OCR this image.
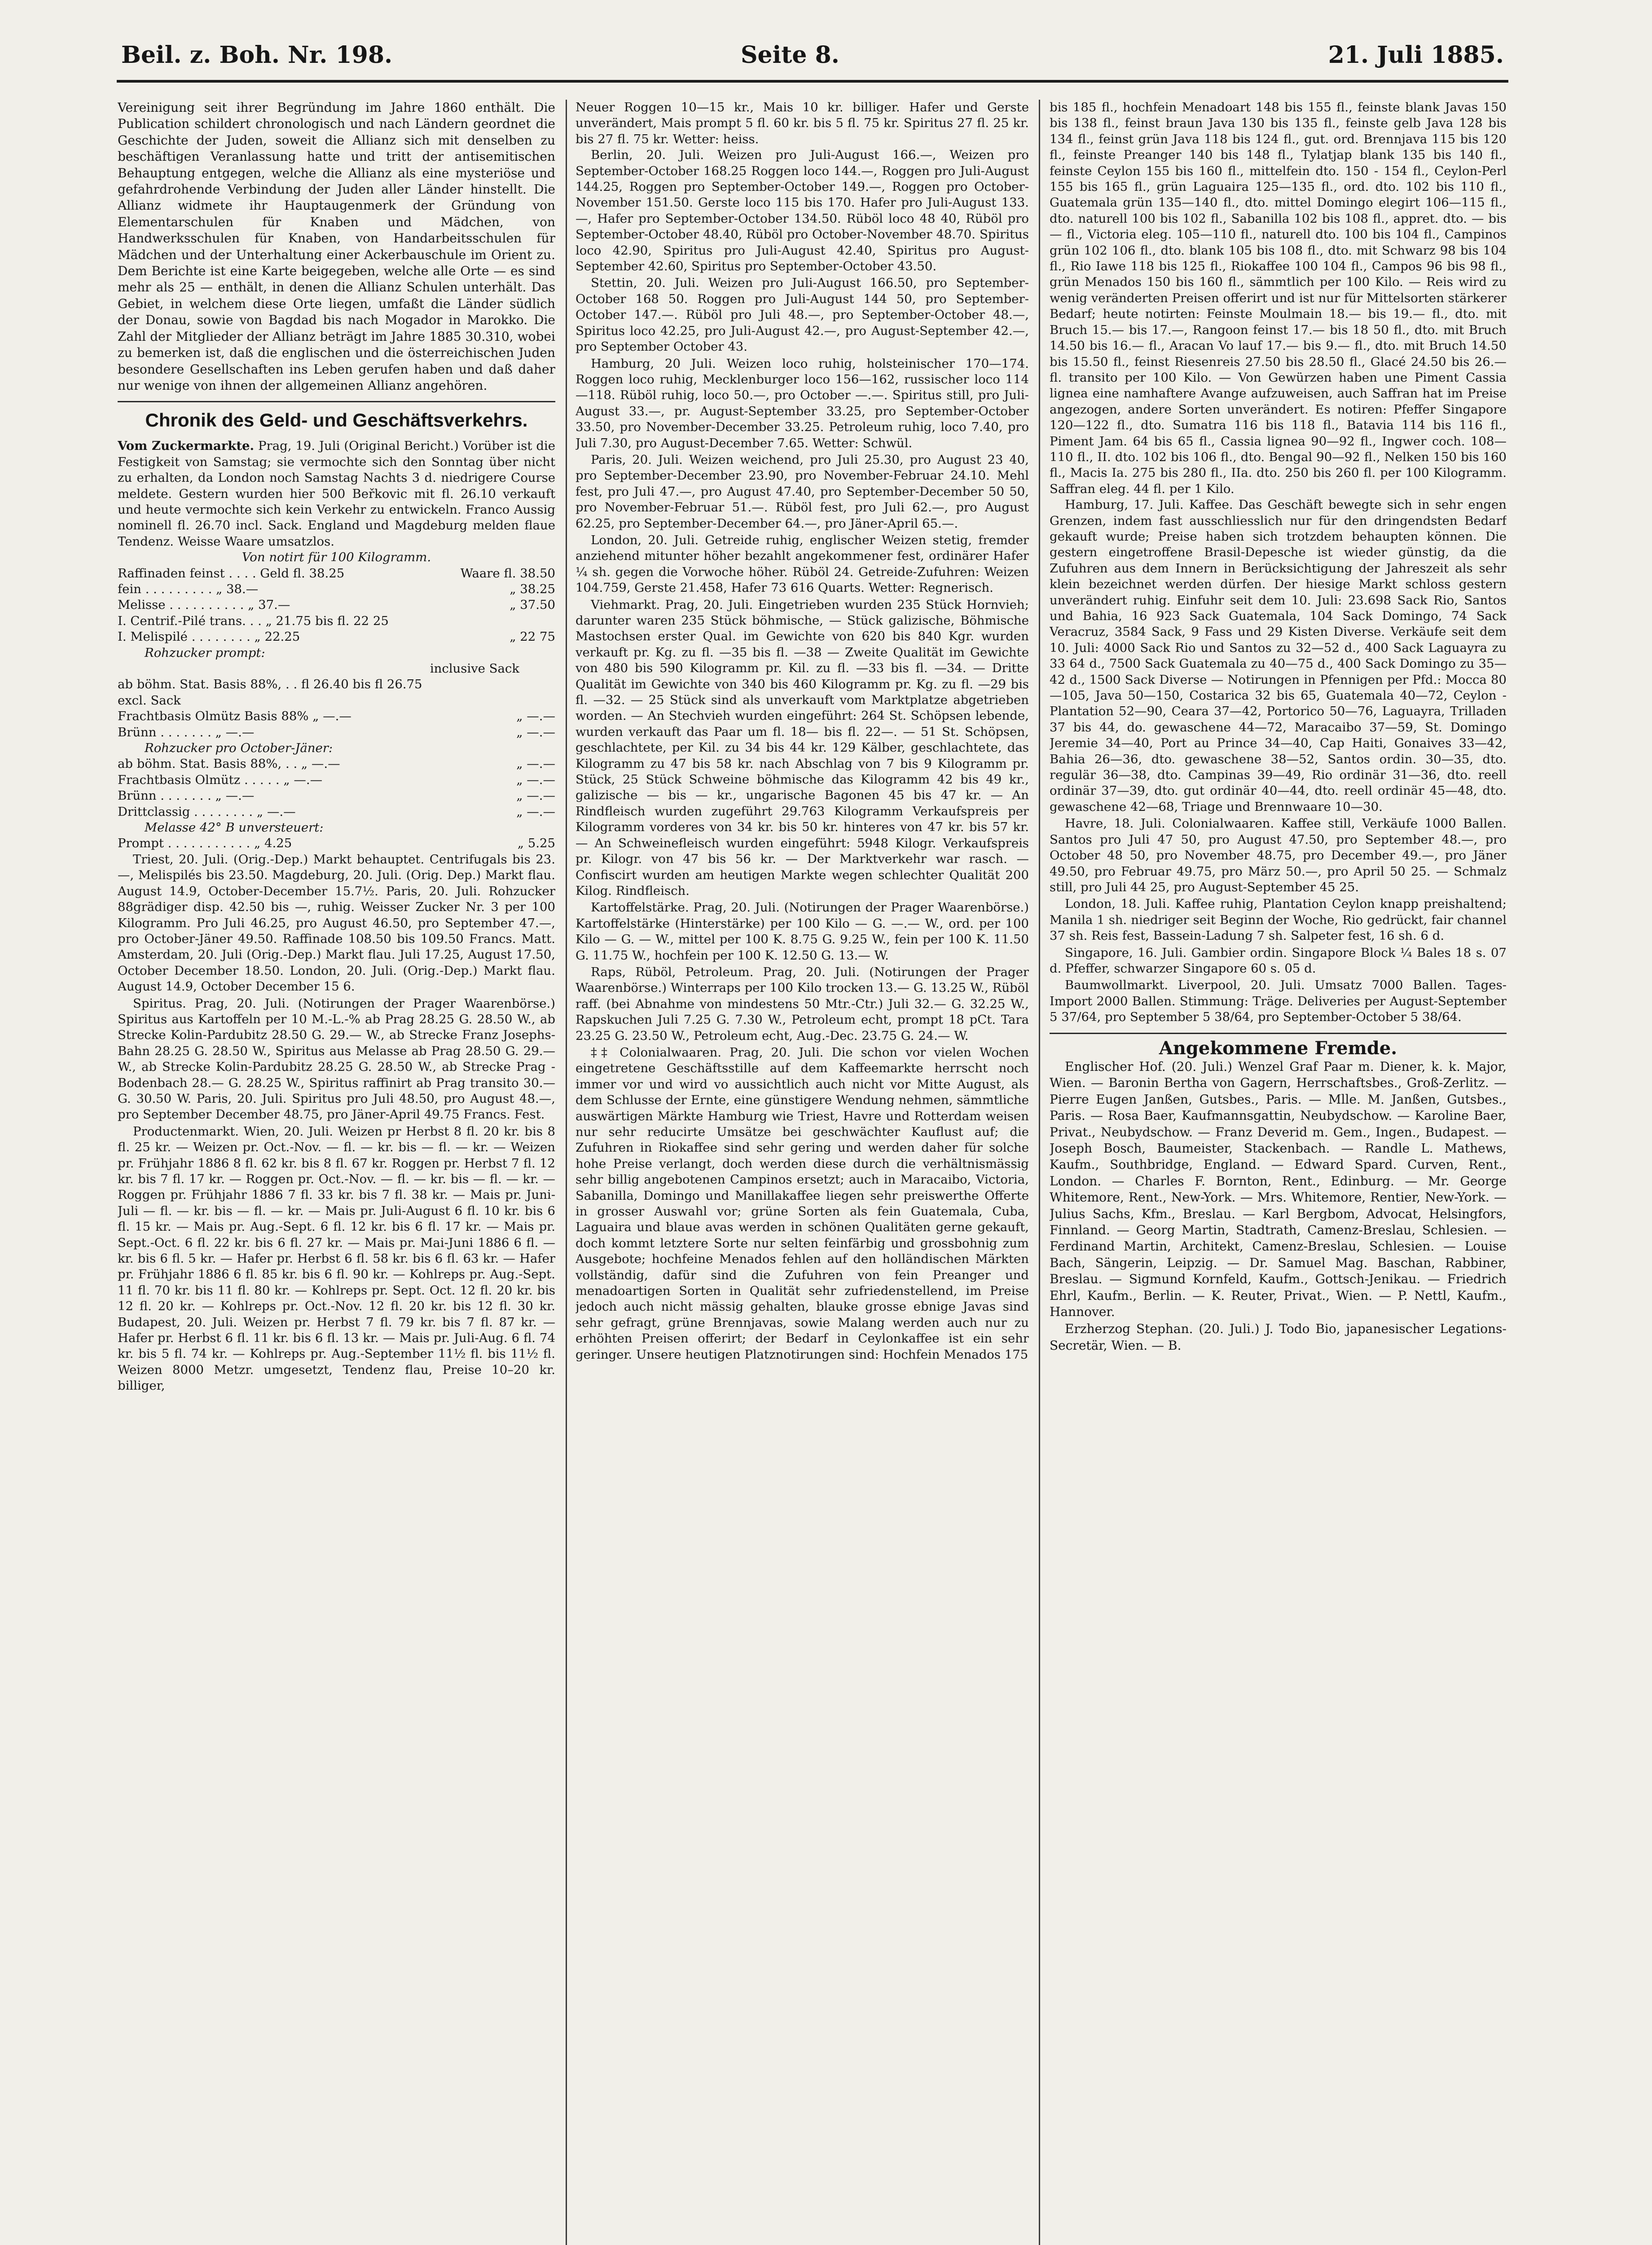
Beil. z. Boh. Nr. 198.	Seite 8.	21. Juli 1885.

Vereinigung seit ihrer Begründung im Jahre 1860 enthält. Die Publication schildert chronologisch und nach Ländern geordnet die Geschichte der Juden, soweit die Allianz sich mit denselben zu beschäftigen Veranlassung hatte und tritt der antisemitischen Behauptung entgegen, welche die Allianz als eine mysteriöse und gefahrdrohende Verbindung der Juden aller Länder hinstellt. Die Allianz widmete ihr Hauptaugenmerk der Gründung von Elementarschulen für Knaben und Mädchen, von Handwerksschulen für Knaben, von Handarbeitsschulen für Mädchen und der Unterhaltung einer Ackerbauschule im Orient zu. Dem Berichte ist eine Karte beigegeben, welche alle Orte — es sind mehr als 25 — enthält, in denen die Allianz Schulen unterhält. Das Gebiet, in welchem diese Orte liegen, umfaßt die Länder südlich der Donau, sowie von Bagdad bis nach Mogador in Marokko. Die Zahl der Mitglieder der Allianz beträgt im Jahre 1885 30.310, wobei zu bemerken ist, daß die englischen und die österreichischen Juden besondere Gesellschaften ins Leben gerufen haben und daß daher nur wenige von ihnen der allgemeinen Allianz angehören.

Chronik des Geld- und Geschäftsverkehrs.

Vom Zuckermarkte. Prag, 19. Juli (Original Bericht.) Vorüber ist die Festigkeit von Samstag; sie vermochte sich den Sonntag über nicht zu erhalten, da London noch Samstag Nachts 3 d. niedrigere Course meldete. Gestern wurden hier 500 Beřkovic mit fl. 26.10 verkauft und heute vermochte sich kein Verkehr zu entwickeln. Franco Aussig nominell fl. 26.70 incl. Sack. England und Magdeburg melden flaue Tendenz. Weisse Waare umsatzlos.

Von notirt für 100 Kilogramm.
Raffinaden feinst . . . . Geld fl. 38.25	Waare fl. 38.50
fein . . . . . . . . . „ 38.—	„ 38.25
Melisse . . . . . . . . . . „ 37.—	„ 37.50
I. Centrif.-Pilé trans. . . „ 21.75 bis fl. 22 25
I. Melispilé . . . . . . . . „ 22.25	„ 22 75
Rohzucker prompt:
inclusive Sack
ab böhm. Stat. Basis 88%, . . fl 26.40 bis fl 26.75
excl. Sack
Frachtbasis Olmütz Basis 88% „ —.—	„ —.—
Brünn . . . . . . . „ —.—	„ —.—
Rohzucker pro October-Jäner:
ab böhm. Stat. Basis 88%, . . „ —.—	„ —.—
Frachtbasis Olmütz . . . . . „ —.—	„ —.—
Brünn . . . . . . . „ —.—	„ —.—
Drittclassig . . . . . . . . „ —.—	„ —.—
Melasse 42° B unversteuert:
Prompt . . . . . . . . . . . „ 4.25	„ 5.25

Triest, 20. Juli. (Orig.-Dep.) Markt behauptet. Centrifugals bis 23.—, Melispilés bis 23.50. Magdeburg, 20. Juli. (Orig. Dep.) Markt flau. August 14.9, October-December 15.7½. Paris, 20. Juli. Rohzucker 88grädiger disp. 42.50 bis —, ruhig. Weisser Zucker Nr. 3 per 100 Kilogramm. Pro Juli 46.25, pro August 46.50, pro September 47.—, pro October-Jäner 49.50. Raffinade 108.50 bis 109.50 Francs. Matt. Amsterdam, 20. Juli (Orig.-Dep.) Markt flau. Juli 17.25, August 17.50, October December 18.50. London, 20. Juli. (Orig.-Dep.) Markt flau. August 14.9, October December 15 6.

Spiritus. Prag, 20. Juli. (Notirungen der Prager Waarenbörse.) Spiritus aus Kartoffeln per 10 M.-L.-% ab Prag 28.25 G. 28.50 W., ab Strecke Kolin-Pardubitz 28.50 G. 29.— W., ab Strecke Franz Josephs-Bahn 28.25 G. 28.50 W., Spiritus aus Melasse ab Prag 28.50 G. 29.— W., ab Strecke Kolin-Pardubitz 28.25 G. 28.50 W., ab Strecke Prag - Bodenbach 28.— G. 28.25 W., Spiritus raffinirt ab Prag transito 30.— G. 30.50 W. Paris, 20. Juli. Spiritus pro Juli 48.50, pro August 48.—, pro September December 48.75, pro Jäner-April 49.75 Francs. Fest.

Productenmarkt. Wien, 20. Juli. Weizen pr Herbst 8 fl. 20 kr. bis 8 fl. 25 kr. — Weizen pr. Oct.-Nov. — fl. — kr. bis — fl. — kr. — Weizen pr. Frühjahr 1886 8 fl. 62 kr. bis 8 fl. 67 kr. Roggen pr. Herbst 7 fl. 12 kr. bis 7 fl. 17 kr. — Roggen pr. Oct.-Nov. — fl. — kr. bis — fl. — kr. — Roggen pr. Frühjahr 1886 7 fl. 33 kr. bis 7 fl. 38 kr. — Mais pr. Juni-Juli — fl. — kr. bis — fl. — kr. — Mais pr. Juli-August 6 fl. 10 kr. bis 6 fl. 15 kr. — Mais pr. Aug.-Sept. 6 fl. 12 kr. bis 6 fl. 17 kr. — Mais pr. Sept.-Oct. 6 fl. 22 kr. bis 6 fl. 27 kr. — Mais pr. Mai-Juni 1886 6 fl. — kr. bis 6 fl. 5 kr. — Hafer pr. Herbst 6 fl. 58 kr. bis 6 fl. 63 kr. — Hafer pr. Frühjahr 1886 6 fl. 85 kr. bis 6 fl. 90 kr. — Kohlreps pr. Aug.-Sept. 11 fl. 70 kr. bis 11 fl. 80 kr. — Kohlreps pr. Sept. Oct. 12 fl. 20 kr. bis 12 fl. 20 kr. — Kohlreps pr. Oct.-Nov. 12 fl. 20 kr. bis 12 fl. 30 kr. Budapest, 20. Juli. Weizen pr. Herbst 7 fl. 79 kr. bis 7 fl. 87 kr. — Hafer pr. Herbst 6 fl. 11 kr. bis 6 fl. 13 kr. — Mais pr. Juli-Aug. 6 fl. 74 kr. bis 5 fl. 74 kr. — Kohlreps pr. Aug.-September 11½ fl. bis 11½ fl. Weizen 8000 Metzr. umgesetzt, Tendenz flau, Preise 10–20 kr. billiger,

Neuer Roggen 10—15 kr., Mais 10 kr. billiger. Hafer und Gerste unverändert, Mais prompt 5 fl. 60 kr. bis 5 fl. 75 kr. Spiritus 27 fl. 25 kr. bis 27 fl. 75 kr. Wetter: heiss.

Berlin, 20. Juli. Weizen pro Juli-August 166.—, Weizen pro September-October 168.25 Roggen loco 144.—, Roggen pro Juli-August 144.25, Roggen pro September-October 149.—, Roggen pro October-November 151.50. Gerste loco 115 bis 170. Hafer pro Juli-August 133.—, Hafer pro September-October 134.50. Rüböl loco 48 40, Rüböl pro September-October 48.40, Rüböl pro October-November 48.70. Spiritus loco 42.90, Spiritus pro Juli-August 42.40, Spiritus pro August-September 42.60, Spiritus pro September-October 43.50.

Stettin, 20. Juli. Weizen pro Juli-August 166.50, pro September-October 168 50. Roggen pro Juli-August 144 50, pro September-October 147.—. Rüböl pro Juli 48.—, pro September-October 48.—, Spiritus loco 42.25, pro Juli-August 42.—, pro August-September 42.—, pro September October 43.

Hamburg, 20 Juli. Weizen loco ruhig, holsteinischer 170—174. Roggen loco ruhig, Mecklenburger loco 156—162, russischer loco 114—118. Rüböl ruhig, loco 50.—, pro October —.—. Spiritus still, pro Juli-August 33.—, pr. August-September 33.25, pro September-October 33.50, pro November-December 33.25. Petroleum ruhig, loco 7.40, pro Juli 7.30, pro August-December 7.65. Wetter: Schwül.

Paris, 20. Juli. Weizen weichend, pro Juli 25.30, pro August 23 40, pro September-December 23.90, pro November-Februar 24.10. Mehl fest, pro Juli 47.—, pro August 47.40, pro September-December 50 50, pro November-Februar 51.—. Rüböl fest, pro Juli 62.—, pro August 62.25, pro September-December 64.—, pro Jäner-April 65.—.

London, 20. Juli. Getreide ruhig, englischer Weizen stetig, fremder anziehend mitunter höher bezahlt angekommener fest, ordinärer Hafer ¼ sh. gegen die Vorwoche höher. Rüböl 24. Getreide-Zufuhren: Weizen 104.759, Gerste 21.458, Hafer 73 616 Quarts. Wetter: Regnerisch.

Viehmarkt. Prag, 20. Juli. Eingetrieben wurden 235 Stück Hornvieh; darunter waren 235 Stück böhmische, — Stück galizische, Böhmische Mastochsen erster Qual. im Gewichte von 620 bis 840 Kgr. wurden verkauft pr. Kg. zu fl. —35 bis fl. —38 — Zweite Qualität im Gewichte von 480 bis 590 Kilogramm pr. Kil. zu fl. —33 bis fl. —34. — Dritte Qualität im Gewichte von 340 bis 460 Kilogramm pr. Kg. zu fl. —29 bis fl. —32. — 25 Stück sind als unverkauft vom Marktplatze abgetrieben worden. — An Stechvieh wurden eingeführt: 264 St. Schöpsen lebende, wurden verkauft das Paar um fl. 18— bis fl. 22—. — 51 St. Schöpsen, geschlachtete, per Kil. zu 34 bis 44 kr. 129 Kälber, geschlachtete, das Kilogramm zu 47 bis 58 kr. nach Abschlag von 7 bis 9 Kilogramm pr. Stück, 25 Stück Schweine böhmische das Kilogramm 42 bis 49 kr., galizische — bis — kr., ungarische Bagonen 45 bis 47 kr. — An Rindfleisch wurden zugeführt 29.763 Kilogramm Verkaufspreis per Kilogramm vorderes von 34 kr. bis 50 kr. hinteres von 47 kr. bis 57 kr. — An Schweinefleisch wurden eingeführt: 5948 Kilogr. Verkaufspreis pr. Kilogr. von 47 bis 56 kr. — Der Marktverkehr war rasch. — Confiscirt wurden am heutigen Markte wegen schlechter Qualität 200 Kilog. Rindfleisch.

Kartoffelstärke. Prag, 20. Juli. (Notirungen der Prager Waarenbörse.) Kartoffelstärke (Hinterstärke) per 100 Kilo — G. —.— W., ord. per 100 Kilo — G. — W., mittel per 100 K. 8.75 G. 9.25 W., fein per 100 K. 11.50 G. 11.75 W., hochfein per 100 K. 12.50 G. 13.— W.

Raps, Rüböl, Petroleum. Prag, 20. Juli. (Notirungen der Prager Waarenbörse.) Winterraps per 100 Kilo trocken 13.— G. 13.25 W., Rüböl raff. (bei Abnahme von mindestens 50 Mtr.-Ctr.) Juli 32.— G. 32.25 W., Rapskuchen Juli 7.25 G. 7.30 W., Petroleum echt, prompt 18 pCt. Tara 23.25 G. 23.50 W., Petroleum echt, Aug.-Dec. 23.75 G. 24.— W.

‡‡ Colonialwaaren. Prag, 20. Juli. Die schon vor vielen Wochen eingetretene Geschäftsstille auf dem Kaffeemarkte herrscht noch immer vor und wird vo aussichtlich auch nicht vor Mitte August, als dem Schlusse der Ernte, eine günstigere Wendung nehmen, sämmtliche auswärtigen Märkte Hamburg wie Triest, Havre und Rotterdam weisen nur sehr reducirte Umsätze bei geschwächter Kauflust auf; die Zufuhren in Riokaffee sind sehr gering und werden daher für solche hohe Preise verlangt, doch werden diese durch die verhältnismässig sehr billig angebotenen Campinos ersetzt; auch in Maracaibo, Victoria, Sabanilla, Domingo und Manillakaffee liegen sehr preiswerthe Offerte in grosser Auswahl vor; grüne Sorten als fein Guatemala, Cuba, Laguaira und blaue avas werden in schönen Qualitäten gerne gekauft, doch kommt letztere Sorte nur selten feinfärbig und grossbohnig zum Ausgebote; hochfeine Menados fehlen auf den holländischen Märkten vollständig, dafür sind die Zufuhren von fein Preanger und menadoartigen Sorten in Qualität sehr zufriedenstellend, im Preise jedoch auch nicht mässig gehalten, blauke grosse ebnige Javas sind sehr gefragt, grüne Brennjavas, sowie Malang werden auch nur zu erhöhten Preisen offerirt; der Bedarf in Ceylonkaffee ist ein sehr geringer. Unsere heutigen Platznotirungen sind: Hochfein Menados 175

bis 185 fl., hochfein Menadoart 148 bis 155 fl., feinste blank Javas 150 bis 138 fl., feinst braun Java 130 bis 135 fl., feinste gelb Java 128 bis 134 fl., feinst grün Java 118 bis 124 fl., gut. ord. Brennjava 115 bis 120 fl., feinste Preanger 140 bis 148 fl., Tylatjap blank 135 bis 140 fl., feinste Ceylon 155 bis 160 fl., mittelfein dto. 150 - 154 fl., Ceylon-Perl 155 bis 165 fl., grün Laguaira 125—135 fl., ord. dto. 102 bis 110 fl., Guatemala grün 135—140 fl., dto. mittel Domingo elegirt 106—115 fl., dto. naturell 100 bis 102 fl., Sabanilla 102 bis 108 fl., appret. dto. — bis — fl., Victoria eleg. 105—110 fl., naturell dto. 100 bis 104 fl., Campinos grün 102 106 fl., dto. blank 105 bis 108 fl., dto. mit Schwarz 98 bis 104 fl., Rio Iawe 118 bis 125 fl., Riokaffee 100 104 fl., Campos 96 bis 98 fl., grün Menados 150 bis 160 fl., sämmtlich per 100 Kilo. — Reis wird zu wenig veränderten Preisen offerirt und ist nur für Mittelsorten stärkerer Bedarf; heute notirten: Feinste Moulmain 18.— bis 19.— fl., dto. mit Bruch 15.— bis 17.—, Rangoon feinst 17.— bis 18 50 fl., dto. mit Bruch 14.50 bis 16.— fl., Aracan Vo lauf 17.— bis 9.— fl., dto. mit Bruch 14.50 bis 15.50 fl., feinst Riesenreis 27.50 bis 28.50 fl., Glacé 24.50 bis 26.— fl. transito per 100 Kilo. — Von Gewürzen haben une Piment Cassia lignea eine namhaftere Avange aufzuweisen, auch Saffran hat im Preise angezogen, andere Sorten unverändert. Es notiren: Pfeffer Singapore 120—122 fl., dto. Sumatra 116 bis 118 fl., Batavia 114 bis 116 fl., Piment Jam. 64 bis 65 fl., Cassia lignea 90—92 fl., Ingwer coch. 108—110 fl., II. dto. 102 bis 106 fl., dto. Bengal 90—92 fl., Nelken 150 bis 160 fl., Macis Ia. 275 bis 280 fl., IIa. dto. 250 bis 260 fl. per 100 Kilogramm. Saffran eleg. 44 fl. per 1 Kilo.

Hamburg, 17. Juli. Kaffee. Das Geschäft bewegte sich in sehr engen Grenzen, indem fast ausschliesslich nur für den dringendsten Bedarf gekauft wurde; Preise haben sich trotzdem behaupten können. Die gestern eingetroffene Brasil-Depesche ist wieder günstig, da die Zufuhren aus dem Innern in Berücksichtigung der Jahreszeit als sehr klein bezeichnet werden dürfen. Der hiesige Markt schloss gestern unverändert ruhig. Einfuhr seit dem 10. Juli: 23.698 Sack Rio, Santos und Bahia, 16 923 Sack Guatemala, 104 Sack Domingo, 74 Sack Veracruz, 3584 Sack, 9 Fass und 29 Kisten Diverse. Verkäufe seit dem 10. Juli: 4000 Sack Rio und Santos zu 32—52 d., 400 Sack Laguayra zu 33 64 d., 7500 Sack Guatemala zu 40—75 d., 400 Sack Domingo zu 35—42 d., 1500 Sack Diverse — Notirungen in Pfennigen per Pfd.: Mocca 80—105, Java 50—150, Costarica 32 bis 65, Guatemala 40—72, Ceylon - Plantation 52—90, Ceara 37—42, Portorico 50—76, Laguayra, Trilladen 37 bis 44, do. gewaschene 44—72, Maracaibo 37—59, St. Domingo Jeremie 34—40, Port au Prince 34—40, Cap Haiti, Gonaives 33—42, Bahia 26—36, dto. gewaschene 38—52, Santos ordin. 30—35, dto. regulär 36—38, dto. Campinas 39—49, Rio ordinär 31—36, dto. reell ordinär 37—39, dto. gut ordinär 40—44, dto. reell ordinär 45—48, dto. gewaschene 42—68, Triage und Brennwaare 10—30.

Havre, 18. Juli. Colonialwaaren. Kaffee still, Verkäufe 1000 Ballen. Santos pro Juli 47 50, pro August 47.50, pro September 48.—, pro October 48 50, pro November 48.75, pro December 49.—, pro Jäner 49.50, pro Februar 49.75, pro März 50.—, pro April 50 25. — Schmalz still, pro Juli 44 25, pro August-September 45 25.

London, 18. Juli. Kaffee ruhig, Plantation Ceylon knapp preishaltend; Manila 1 sh. niedriger seit Beginn der Woche, Rio gedrückt, fair channel 37 sh. Reis fest, Bassein-Ladung 7 sh. Salpeter fest, 16 sh. 6 d.

Singapore, 16. Juli. Gambier ordin. Singapore Block ¼ Bales 18 s. 07 d. Pfeffer, schwarzer Singapore 60 s. 05 d.

Baumwollmarkt. Liverpool, 20. Juli. Umsatz 7000 Ballen. Tages-Import 2000 Ballen. Stimmung: Träge. Deliveries per August-September 5 37/64, pro September 5 38/64, pro September-October 5 38/64.

Angekommene Fremde.

Englischer Hof. (20. Juli.) Wenzel Graf Paar m. Diener, k. k. Major, Wien. — Baronin Bertha von Gagern, Herrschaftsbes., Groß-Zerlitz. — Pierre Eugen Janßen, Gutsbes., Paris. — Mlle. M. Janßen, Gutsbes., Paris. — Rosa Baer, Kaufmannsgattin, Neubydschow. — Karoline Baer, Privat., Neubydschow. — Franz Deverid m. Gem., Ingen., Budapest. — Joseph Bosch, Baumeister, Stackenbach. — Randle L. Mathews, Kaufm., Southbridge, England. — Edward Spard. Curven, Rent., London. — Charles F. Bornton, Rent., Edinburg. — Mr. George Whitemore, Rent., New-York. — Mrs. Whitemore, Rentier, New-York. — Julius Sachs, Kfm., Breslau. — Karl Bergbom, Advocat, Helsingfors, Finnland. — Georg Martin, Stadtrath, Camenz-Breslau, Schlesien. — Ferdinand Martin, Architekt, Camenz-Breslau, Schlesien. — Louise Bach, Sängerin, Leipzig. — Dr. Samuel Mag. Baschan, Rabbiner, Breslau. — Sigmund Kornfeld, Kaufm., Gottsch-Jenikau. — Friedrich Ehrl, Kaufm., Berlin. — K. Reuter, Privat., Wien. — P. Nettl, Kaufm., Hannover.

Erzherzog Stephan. (20. Juli.) J. Todo Bio, japanesischer Legations-Secretär, Wien. — B.
